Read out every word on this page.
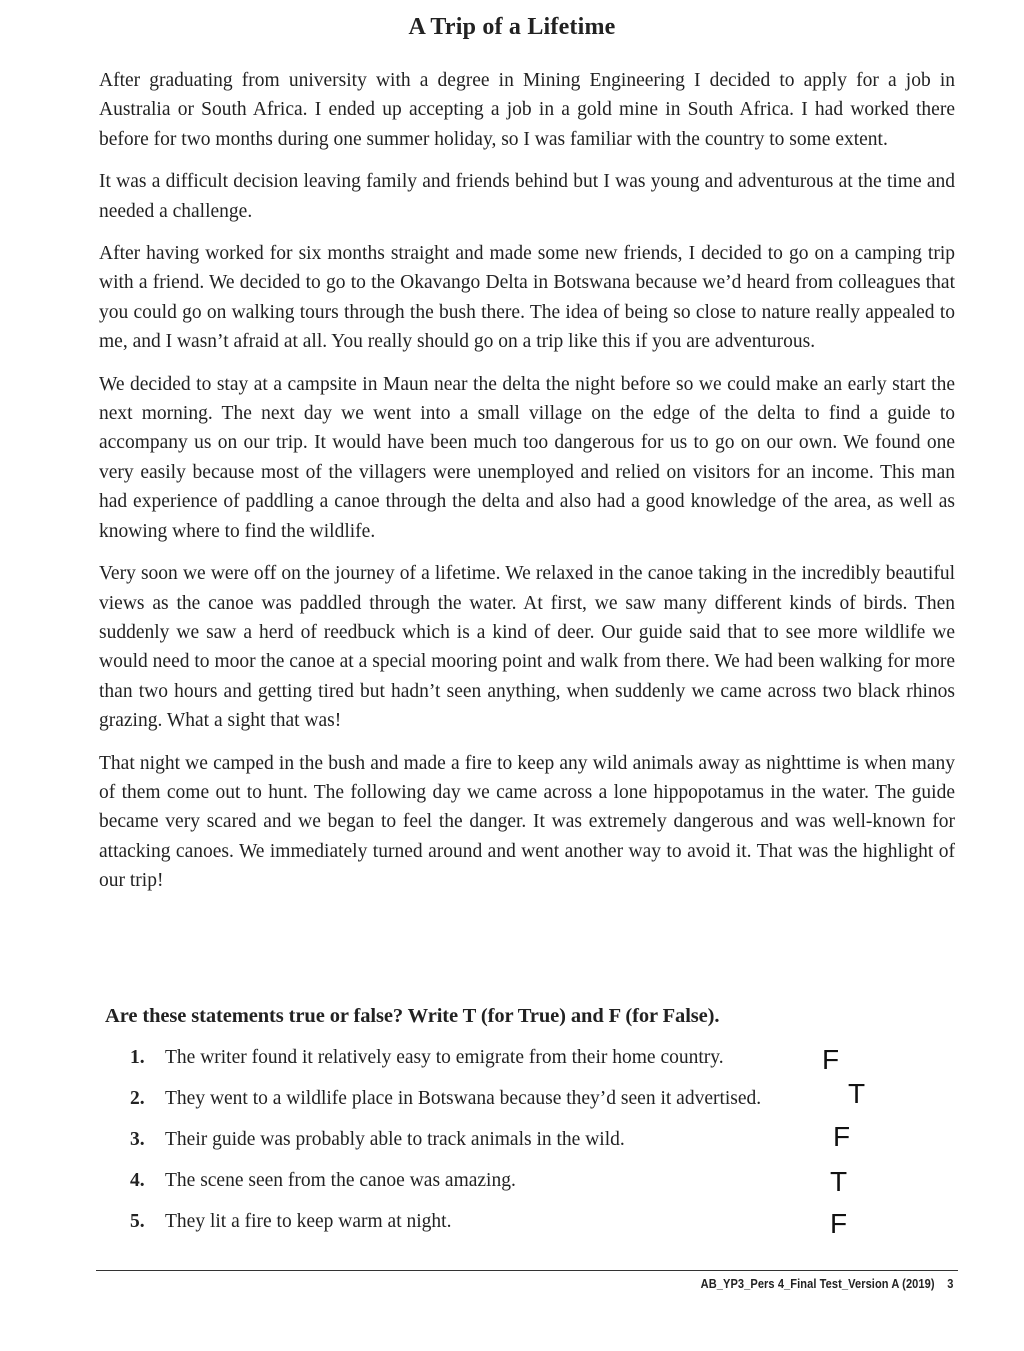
A Trip of a Lifetime

After graduating from university with a degree in Mining Engineering I decided to apply for a job in Australia or South Africa. I ended up accepting a job in a gold mine in South Africa. I had worked there before for two months during one summer holiday, so I was familiar with the country to some extent.

It was a difficult decision leaving family and friends behind but I was young and adventurous at the time and needed a challenge.

After having worked for six months straight and made some new friends, I decided to go on a camping trip with a friend. We decided to go to the Okavango Delta in Botswana because we’d heard from colleagues that you could go on walking tours through the bush there. The idea of being so close to nature really appealed to me, and I wasn’t afraid at all. You really should go on a trip like this if you are adventurous.

We decided to stay at a campsite in Maun near the delta the night before so we could make an early start the next morning. The next day we went into a small village on the edge of the delta to find a guide to accompany us on our trip. It would have been much too dangerous for us to go on our own. We found one very easily because most of the villagers were unemployed and relied on visitors for an income. This man had experience of paddling a canoe through the delta and also had a good knowledge of the area, as well as knowing where to find the wildlife.

Very soon we were off on the journey of a lifetime. We relaxed in the canoe taking in the incredibly beautiful views as the canoe was paddled through the water. At first, we saw many different kinds of birds. Then suddenly we saw a herd of reedbuck which is a kind of deer. Our guide said that to see more wildlife we would need to moor the canoe at a special mooring point and walk from there. We had been walking for more than two hours and getting tired but hadn’t seen anything, when suddenly we came across two black rhinos grazing. What a sight that was!

That night we camped in the bush and made a fire to keep any wild animals away as nighttime is when many of them come out to hunt. The following day we came across a lone hippopotamus in the water. The guide became very scared and we began to feel the danger. It was extremely dangerous and was well-known for attacking canoes. We immediately turned around and went another way to avoid it. That was the highlight of our trip!

Are these statements true or false? Write T (for True) and F (for False).
1. The writer found it relatively easy to emigrate from their home country.	F
2. They went to a wildlife place in Botswana because they’d seen it advertised.	T
3. Their guide was probably able to track animals in the wild.	F
4. The scene seen from the canoe was amazing.	T
5. They lit a fire to keep warm at night.	F
AB_YP3_Pers 4_Final Test_Version A (2019) 3
